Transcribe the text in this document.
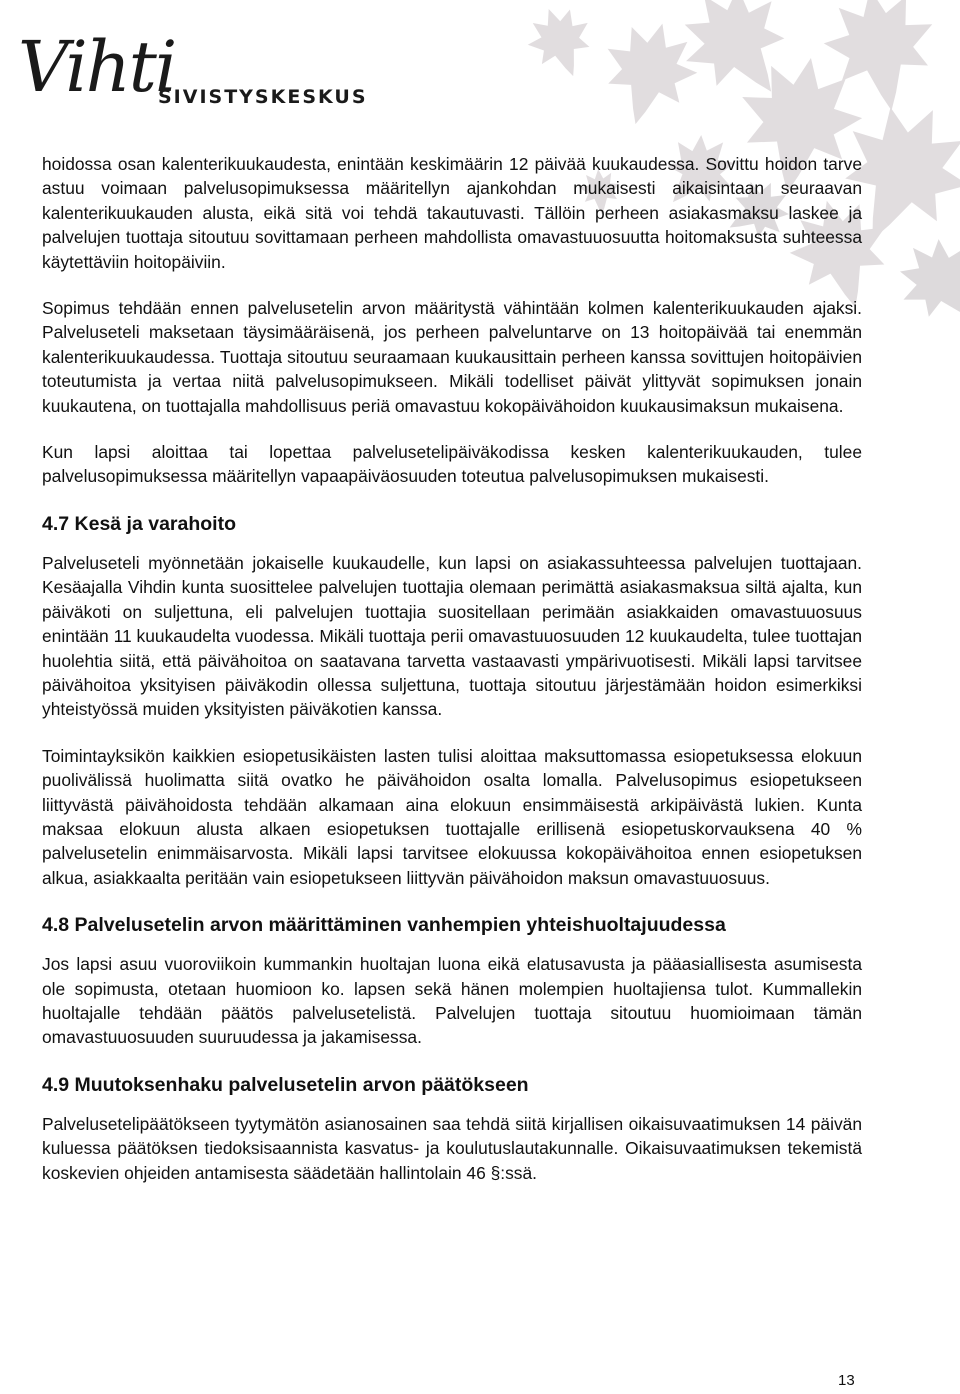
Vihti
SIVISTYSKESKUS

hoidossa osan kalenterikuukaudesta, enintään keskimäärin 12 päivää kuukaudessa. Sovittu hoidon tarve astuu voimaan palvelusopimuksessa määritellyn ajankohdan mukaisesti aikaisintaan seuraavan kalenterikuukauden alusta, eikä sitä voi tehdä takautuvasti. Tällöin perheen asiakasmaksu laskee ja palvelujen tuottaja sitoutuu sovittamaan perheen mahdollista omavastuuosuutta hoitomaksusta suhteessa käytettäviin hoitopäiviin.

Sopimus tehdään ennen palvelusetelin arvon määritystä vähintään kolmen kalenterikuukauden ajaksi. Palveluseteli maksetaan täysimääräisenä, jos perheen palveluntarve on 13 hoitopäivää tai enemmän kalenterikuukaudessa. Tuottaja sitoutuu seuraamaan kuukausittain perheen kanssa sovittujen hoitopäivien toteutumista ja vertaa niitä palvelusopimukseen. Mikäli todelliset päivät ylittyvät sopimuksen jonain kuukautena, on tuottajalla mahdollisuus periä omavastuu kokopäivähoidon kuukausimaksun mukaisena.

Kun lapsi aloittaa tai lopettaa palvelusetelipäiväkodissa kesken kalenterikuukauden, tulee palvelusopimuksessa määritellyn vapaapäiväosuuden toteutua palvelusopimuksen mukaisesti.

4.7 Kesä ja varahoito

Palveluseteli myönnetään jokaiselle kuukaudelle, kun lapsi on asiakassuhteessa palvelujen tuottajaan. Kesäajalla Vihdin kunta suosittelee palvelujen tuottajia olemaan perimättä asiakasmaksua siltä ajalta, kun päiväkoti on suljettuna, eli palvelujen tuottajia suositellaan perimään asiakkaiden omavastuuosuus enintään 11 kuukaudelta vuodessa. Mikäli tuottaja perii omavastuuosuuden 12 kuukaudelta, tulee tuottajan huolehtia siitä, että päivähoitoa on saatavana tarvetta vastaavasti ympärivuotisesti. Mikäli lapsi tarvitsee päivähoitoa yksityisen päiväkodin ollessa suljettuna, tuottaja sitoutuu järjestämään hoidon esimerkiksi yhteistyössä muiden yksityisten päiväkotien kanssa.

Toimintayksikön kaikkien esiopetusikäisten lasten tulisi aloittaa maksuttomassa esiopetuksessa elokuun puolivälissä huolimatta siitä ovatko he päivähoidon osalta lomalla. Palvelusopimus esiopetukseen liittyvästä päivähoidosta tehdään alkamaan aina elokuun ensimmäisestä arkipäivästä lukien. Kunta maksaa elokuun alusta alkaen esiopetuksen tuottajalle erillisenä esiopetuskorvauksena 40 % palvelusetelin enimmäisarvosta. Mikäli lapsi tarvitsee elokuussa kokopäivähoitoa ennen esiopetuksen alkua, asiakkaalta peritään vain esiopetukseen liittyvän päivähoidon maksun omavastuuosuus.

4.8 Palvelusetelin arvon määrittäminen vanhempien yhteishuoltajuudessa

Jos lapsi asuu vuoroviikoin kummankin huoltajan luona eikä elatusavusta ja pääasiallisesta asumisesta ole sopimusta, otetaan huomioon ko. lapsen sekä hänen molempien huoltajiensa tulot. Kummallekin huoltajalle tehdään päätös palvelusetelistä. Palvelujen tuottaja sitoutuu huomioimaan tämän omavastuuosuuden suuruudessa ja jakamisessa.

4.9 Muutoksenhaku palvelusetelin arvon päätökseen

Palvelusetelipäätökseen tyytymätön asianosainen saa tehdä siitä kirjallisen oikaisuvaatimuksen 14 päivän kuluessa päätöksen tiedoksisaannista kasvatus- ja koulutuslautakunnalle. Oikaisuvaatimuksen tekemistä koskevien ohjeiden antamisesta säädetään hallintolain 46 §:ssä.

13
